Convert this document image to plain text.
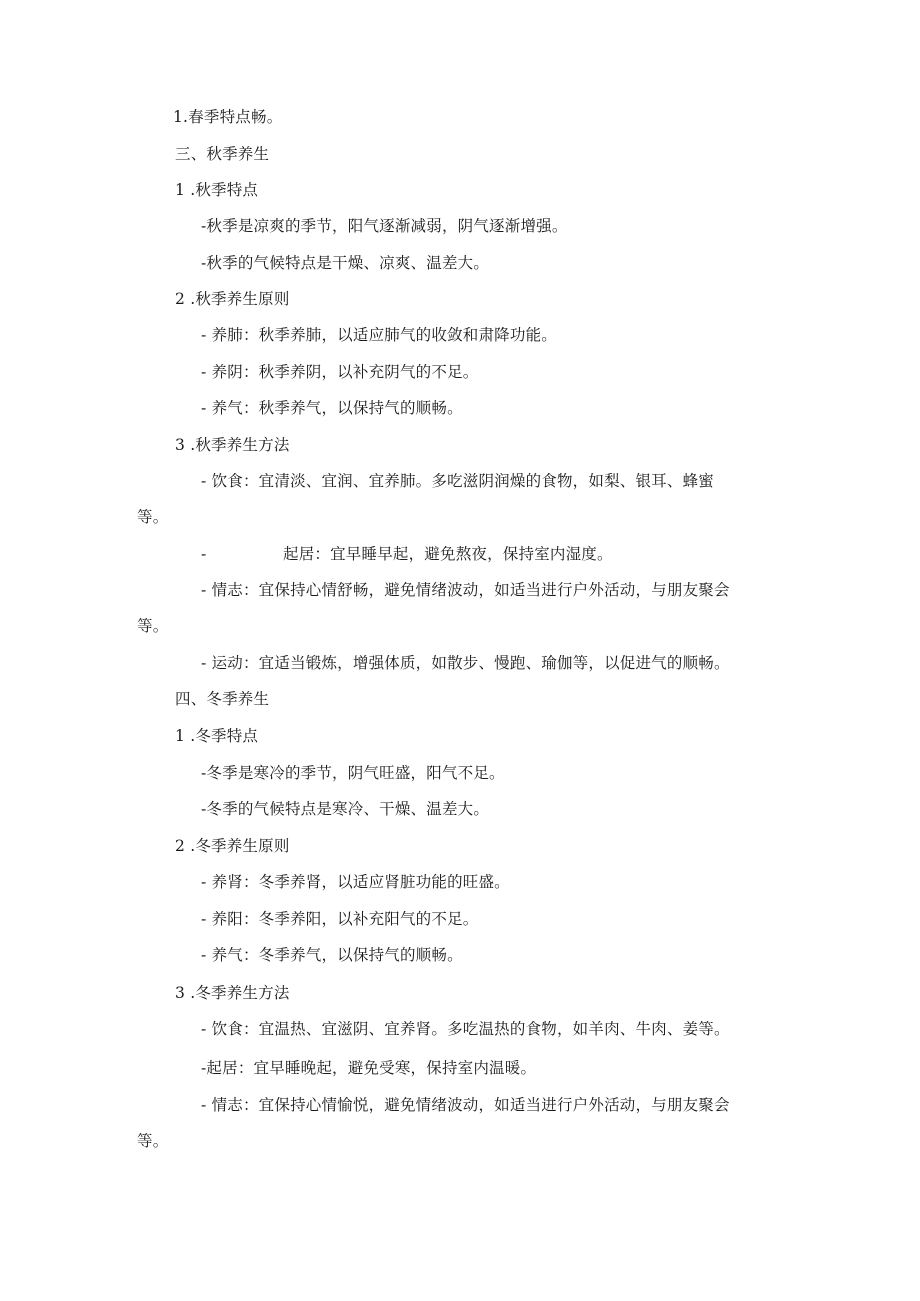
1.春季特点畅。
三、秋季养生
1 .秋季特点
-秋季是凉爽的季节，阳气逐渐减弱，阴气逐渐增强。
-秋季的气候特点是干燥、凉爽、温差大。
2 .秋季养生原则
- 养肺：秋季养肺，以适应肺气的收敛和肃降功能。
- 养阴：秋季养阴，以补充阴气的不足。
- 养气：秋季养气，以保持气的顺畅。
3 .秋季养生方法
- 饮食：宜清淡、宜润、宜养肺。多吃滋阴润燥的食物，如梨、银耳、蜂蜜
等。
-	起居：宜早睡早起，避免熬夜，保持室内湿度。
- 情志：宜保持心情舒畅，避免情绪波动，如适当进行户外活动，与朋友聚会
等。
- 运动：宜适当锻炼，增强体质，如散步、慢跑、瑜伽等，以促进气的顺畅。
四、冬季养生
1 .冬季特点
-冬季是寒冷的季节，阴气旺盛，阳气不足。
-冬季的气候特点是寒冷、干燥、温差大。
2 .冬季养生原则
- 养肾：冬季养肾，以适应肾脏功能的旺盛。
- 养阳：冬季养阳，以补充阳气的不足。
- 养气：冬季养气，以保持气的顺畅。
3 .冬季养生方法
- 饮食：宜温热、宜滋阴、宜养肾。多吃温热的食物，如羊肉、牛肉、姜等。
-起居：宜早睡晚起，避免受寒，保持室内温暖。
- 情志：宜保持心情愉悦，避免情绪波动，如适当进行户外活动，与朋友聚会
等。
